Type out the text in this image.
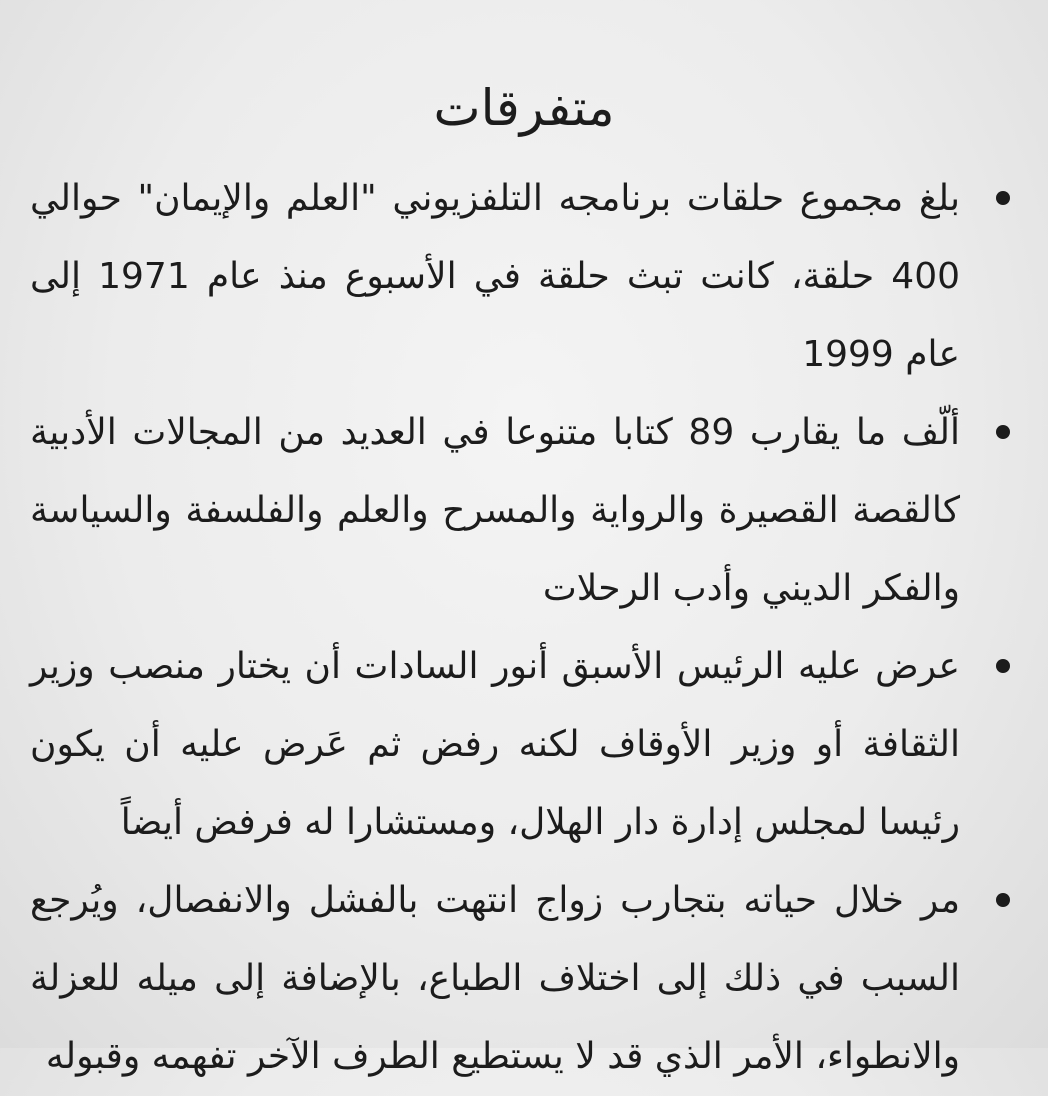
متفرقات
بلغ مجموع حلقات برنامجه التلفزيوني "العلم والإيمان" حوالي 400 حلقة، كانت تبث حلقة في الأسبوع منذ عام 1971 إلى عام 1999
ألّف ما يقارب 89 كتابا متنوعا في العديد من المجالات الأدبية كالقصة القصيرة والرواية والمسرح والعلم والفلسفة والسياسة والفكر الديني وأدب الرحلات
عرض عليه الرئيس الأسبق أنور السادات أن يختار منصب وزير الثقافة أو وزير الأوقاف لكنه رفض ثم عَرض عليه أن يكون رئيسا لمجلس إدارة دار الهلال، ومستشارا له فرفض أيضاً
مر خلال حياته بتجارب زواج انتهت بالفشل والانفصال، ويُرجع السبب في ذلك إلى اختلاف الطباع، بالإضافة إلى ميله للعزلة والانطواء، الأمر الذي قد لا يستطيع الطرف الآخر تفهمه وقبوله
